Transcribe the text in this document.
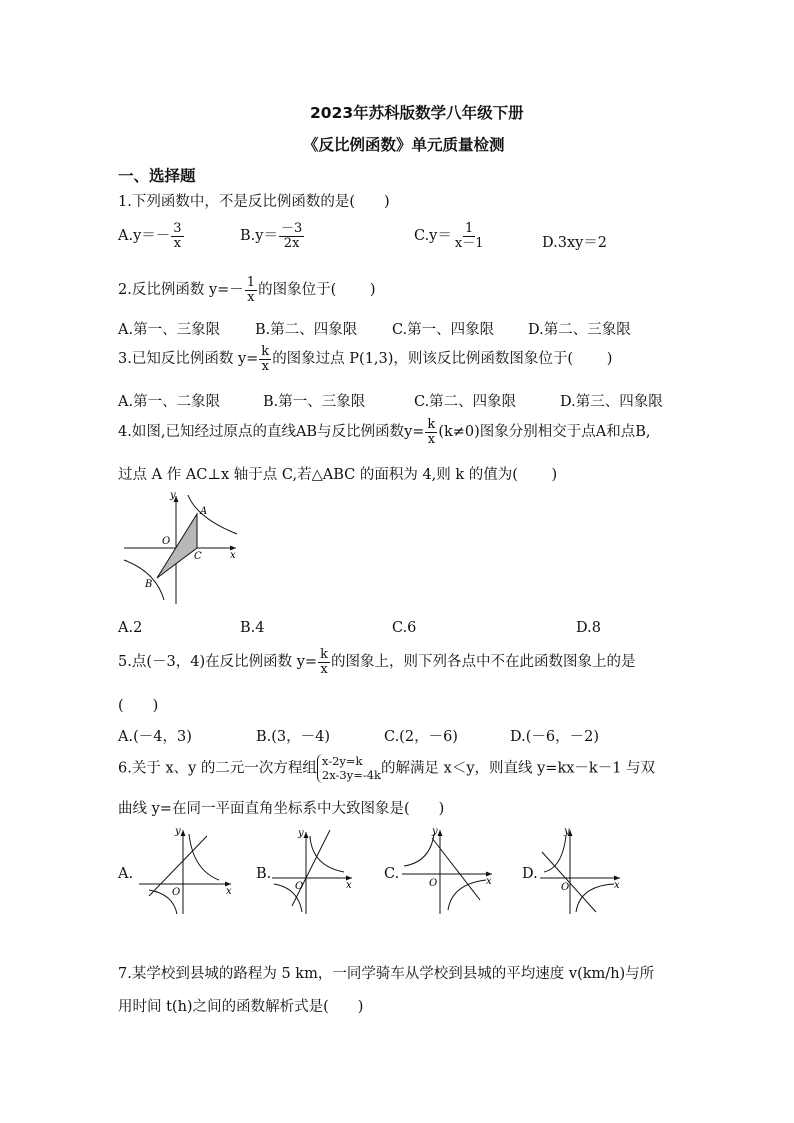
2023年苏科版数学八年级下册
《反比例函数》单元质量检测
一、选择题
1.下列函数中，不是反比例函数的是(　　)
$A.y=- \frac{3}{x}$	$B.y= \frac{-3}{2x}$	$C.y= \frac{1}{x-1}$	D.3xy＝2
2.反比例函数 $y=- \frac{1}{x}$ 的图象位于(　　 )
A.第一、三象限 B.第二、四象限 C.第一、四象限 D.第二、三象限
3.已知反比例函数 $y= \frac{k}{x}$ 的图象过点 P(1,3)，则该反比例函数图象位于(　　 )
A.第一、二象限	B.第一、三象限	C.第二、四象限	D.第三、四象限
4.如图,已知经过原点的直线AB与反比例函数$y= \frac{k}{x} (k\ne 0)$图象分别相交于点A和点B,
过点 A 作 AC⊥x 轴于点 C,若△ABC 的面积为 4,则 k 的值为(　　 )
y
x
O
A
B
C
A.2	B.4	C.6	D.8
5.点(－3，4)在反比例函数 $y= \frac{k}{x}$ 的图象上，则下列各点中不在此函数图象上的是
(　　)
A.(－4，3)	B.(3，－4)	C.(2，－6)	D.(－6，－2)
6.关于 x、y 的二元一次方程组 x-2y=k
2x-3y=-4k 的解满足 x＜y，则直线 y=kx－k－1 与双
曲线 y=在同一平面直角坐标系中大致图象是(　　)
A.
y
x
O
B.
y
x
O
C.
y
x
O
D.
y
x
O
7.某学校到县城的路程为 5 km，一同学骑车从学校到县城的平均速度 v(km/h)与所
用时间 t(h)之间的函数解析式是(　　)
